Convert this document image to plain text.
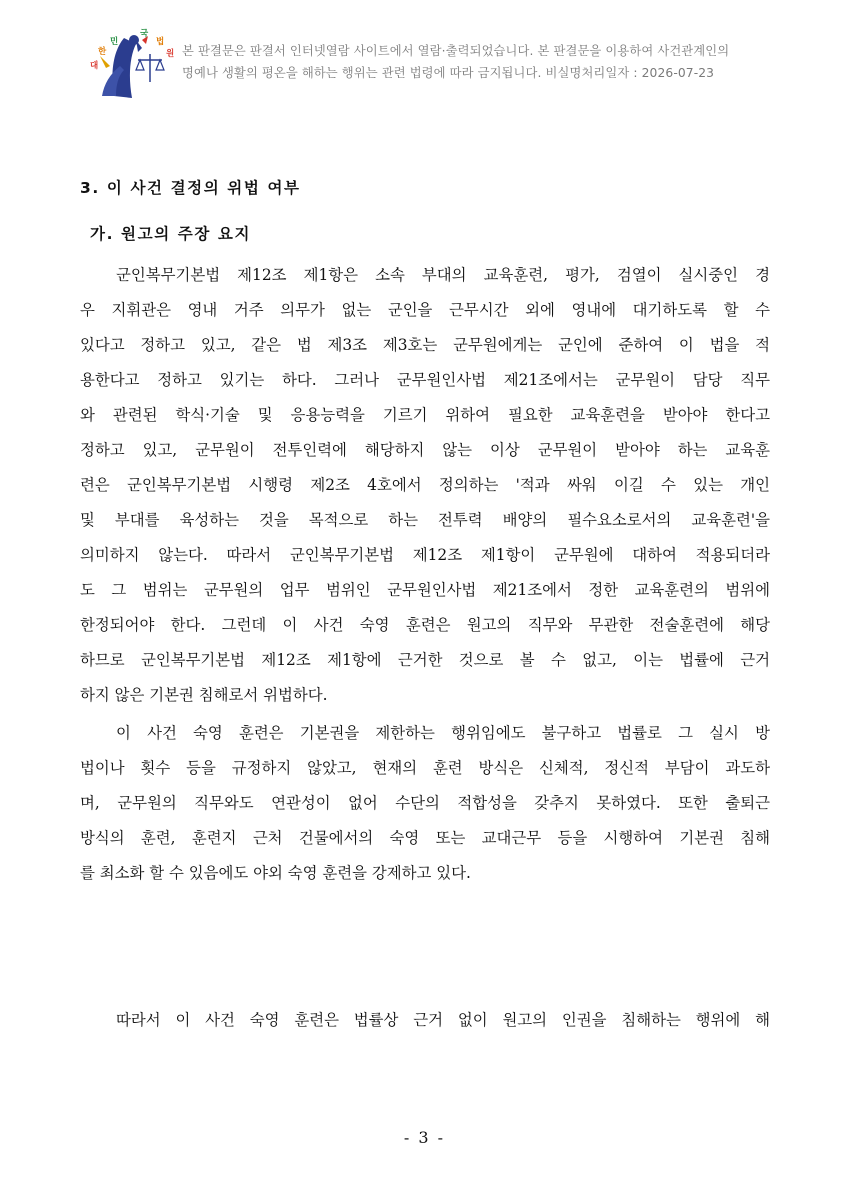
대
한
민
국
법
원 본 판결문은 판결서 인터넷열람 사이트에서 열람·출력되었습니다. 본 판결문을 이용하여 사건관계인의
명예나 생활의 평온을 해하는 행위는 관련 법령에 따라 금지됩니다. 비실명처리일자 : 2026-07-23
3. 이 사건 결정의 위법 여부
가. 원고의 주장 요지
군인복무기본법 제12조 제1항은 소속 부대의 교육훈련, 평가, 검열이 실시중인 경
우 지휘관은 영내 거주 의무가 없는 군인을 근무시간 외에 영내에 대기하도록 할 수
있다고 정하고 있고, 같은 법 제3조 제3호는 군무원에게는 군인에 준하여 이 법을 적
용한다고 정하고 있기는 하다. 그러나 군무원인사법 제21조에서는 군무원이 담당 직무
와 관련된 학식·기술 및 응용능력을 기르기 위하여 필요한 교육훈련을 받아야 한다고
정하고 있고, 군무원이 전투인력에 해당하지 않는 이상 군무원이 받아야 하는 교육훈
련은 군인복무기본법 시행령 제2조 4호에서 정의하는 '적과 싸워 이길 수 있는 개인
및 부대를 육성하는 것을 목적으로 하는 전투력 배양의 필수요소로서의 교육훈련'을
의미하지 않는다. 따라서 군인복무기본법 제12조 제1항이 군무원에 대하여 적용되더라
도 그 범위는 군무원의 업무 범위인 군무원인사법 제21조에서 정한 교육훈련의 범위에
한정되어야 한다. 그런데 이 사건 숙영 훈련은 원고의 직무와 무관한 전술훈련에 해당
하므로 군인복무기본법 제12조 제1항에 근거한 것으로 볼 수 없고, 이는 법률에 근거
하지 않은 기본권 침해로서 위법하다.
이 사건 숙영 훈련은 기본권을 제한하는 행위임에도 불구하고 법률로 그 실시 방
법이나 횟수 등을 규정하지 않았고, 현재의 훈련 방식은 신체적, 정신적 부담이 과도하
며, 군무원의 직무와도 연관성이 없어 수단의 적합성을 갖추지 못하였다. 또한 출퇴근
방식의 훈련, 훈련지 근처 건물에서의 숙영 또는 교대근무 등을 시행하여 기본권 침해
를 최소화 할 수 있음에도 야외 숙영 훈련을 강제하고 있다.
따라서 이 사건 숙영 훈련은 법률상 근거 없이 원고의 인권을 침해하는 행위에 해
- 3 -
